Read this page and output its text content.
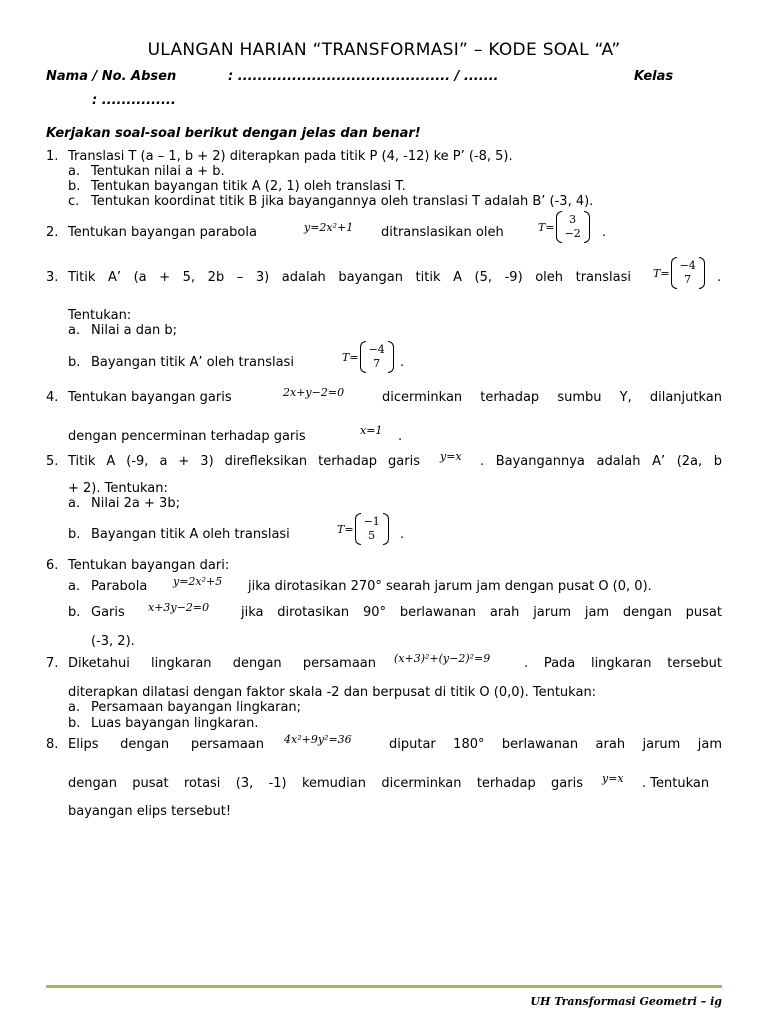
ULANGAN HARIAN “TRANSFORMASI” – KODE SOAL “A”
Nama / No. Absen	: ........................................... / .......	Kelas
: ...............
Kerjakan soal-soal berikut dengan jelas dan benar!
1. Translasi T (a – 1, b + 2) diterapkan pada titik P (4, -12) ke P’ (-8, 5).
a. Tentukan nilai a + b.
b. Tentukan bayangan titik A (2, 1) oleh translasi T.
c. Tentukan koordinat titik B jika bayangannya oleh translasi T adalah B’ (-3, 4).
2. Tentukan bayangan parabola	y=2x²+1 ditranslasikan oleh	T=
3
−2 .
3. Titik A’ (a + 5, 2b – 3) adalah bayangan titik A (5, -9) oleh translasi T=
−4
7 .
Tentukan:
a. Nilai a dan b;
b. Bayangan titik A’ oleh translasi	T=
−4
7 .
4. Tentukan bayangan garis	2x+y−2=0	dicerminkan terhadap sumbu Y, dilanjutkan
dengan pencerminan terhadap garis	x=1 .
5. Titik A (-9, a + 3) direfleksikan terhadap garis y=x . Bayangannya adalah A’ (2a, b
+ 2). Tentukan:
a. Nilai 2a + 3b;
b. Bayangan titik A oleh translasi	T=
−1
5 .
6. Tentukan bayangan dari:
a. Parabola y=2x²+5 jika dirotasikan 270° searah jarum jam dengan pusat O (0, 0).
b. Garis x+3y−2=0 jika dirotasikan 90° berlawanan arah jarum jam dengan pusat
(-3, 2).
7. Diketahui lingkaran dengan persamaan (x+3)²+(y−2)²=9	. Pada lingkaran tersebut
diterapkan dilatasi dengan faktor skala -2 dan berpusat di titik O (0,0). Tentukan:
a. Persamaan bayangan lingkaran;
b. Luas bayangan lingkaran.
8. Elips dengan persamaan 4x²+9y²=36	diputar 180° berlawanan arah jarum jam
dengan pusat rotasi (3, -1) kemudian dicerminkan terhadap garis y=x . Tentukan
bayangan elips tersebut!
UH Transformasi Geometri – ig
